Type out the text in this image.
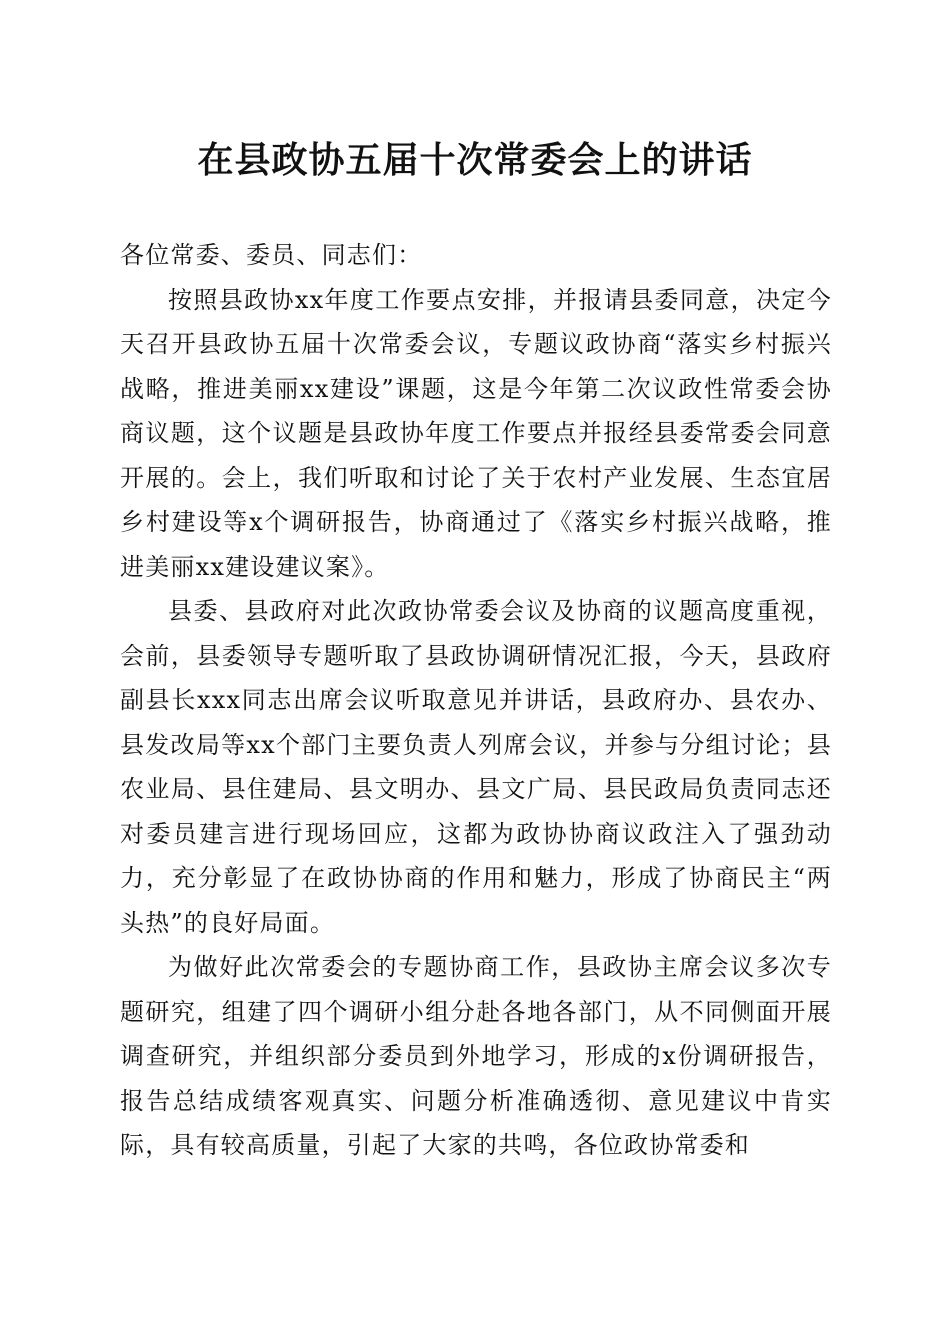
在县政协五届十次常委会上的讲话

各位常委、委员、同志们：

按照县政协xx年度工作要点安排，并报请县委同意，决定今天召开县政协五届十次常委会议，专题议政协商“落实乡村振兴战略，推进美丽xx建设”课题，这是今年第二次议政性常委会协商议题，这个议题是县政协年度工作要点并报经县委常委会同意开展的。会上，我们听取和讨论了关于农村产业发展、生态宜居乡村建设等x个调研报告，协商通过了《落实乡村振兴战略，推进美丽xx建设建议案》。

县委、县政府对此次政协常委会议及协商的议题高度重视，会前，县委领导专题听取了县政协调研情况汇报，今天，县政府副县长xxx同志出席会议听取意见并讲话，县政府办、县农办、县发改局等xx个部门主要负责人列席会议，并参与分组讨论；县农业局、县住建局、县文明办、县文广局、县民政局负责同志还对委员建言进行现场回应，这都为政协协商议政注入了强劲动力，充分彰显了在政协协商的作用和魅力，形成了协商民主“两头热”的良好局面。

为做好此次常委会的专题协商工作，县政协主席会议多次专题研究，组建了四个调研小组分赴各地各部门，从不同侧面开展调查研究，并组织部分委员到外地学习，形成的x份调研报告，报告总结成绩客观真实、问题分析准确透彻、意见建议中肯实际，具有较高质量，引起了大家的共鸣，各位政协常委和
